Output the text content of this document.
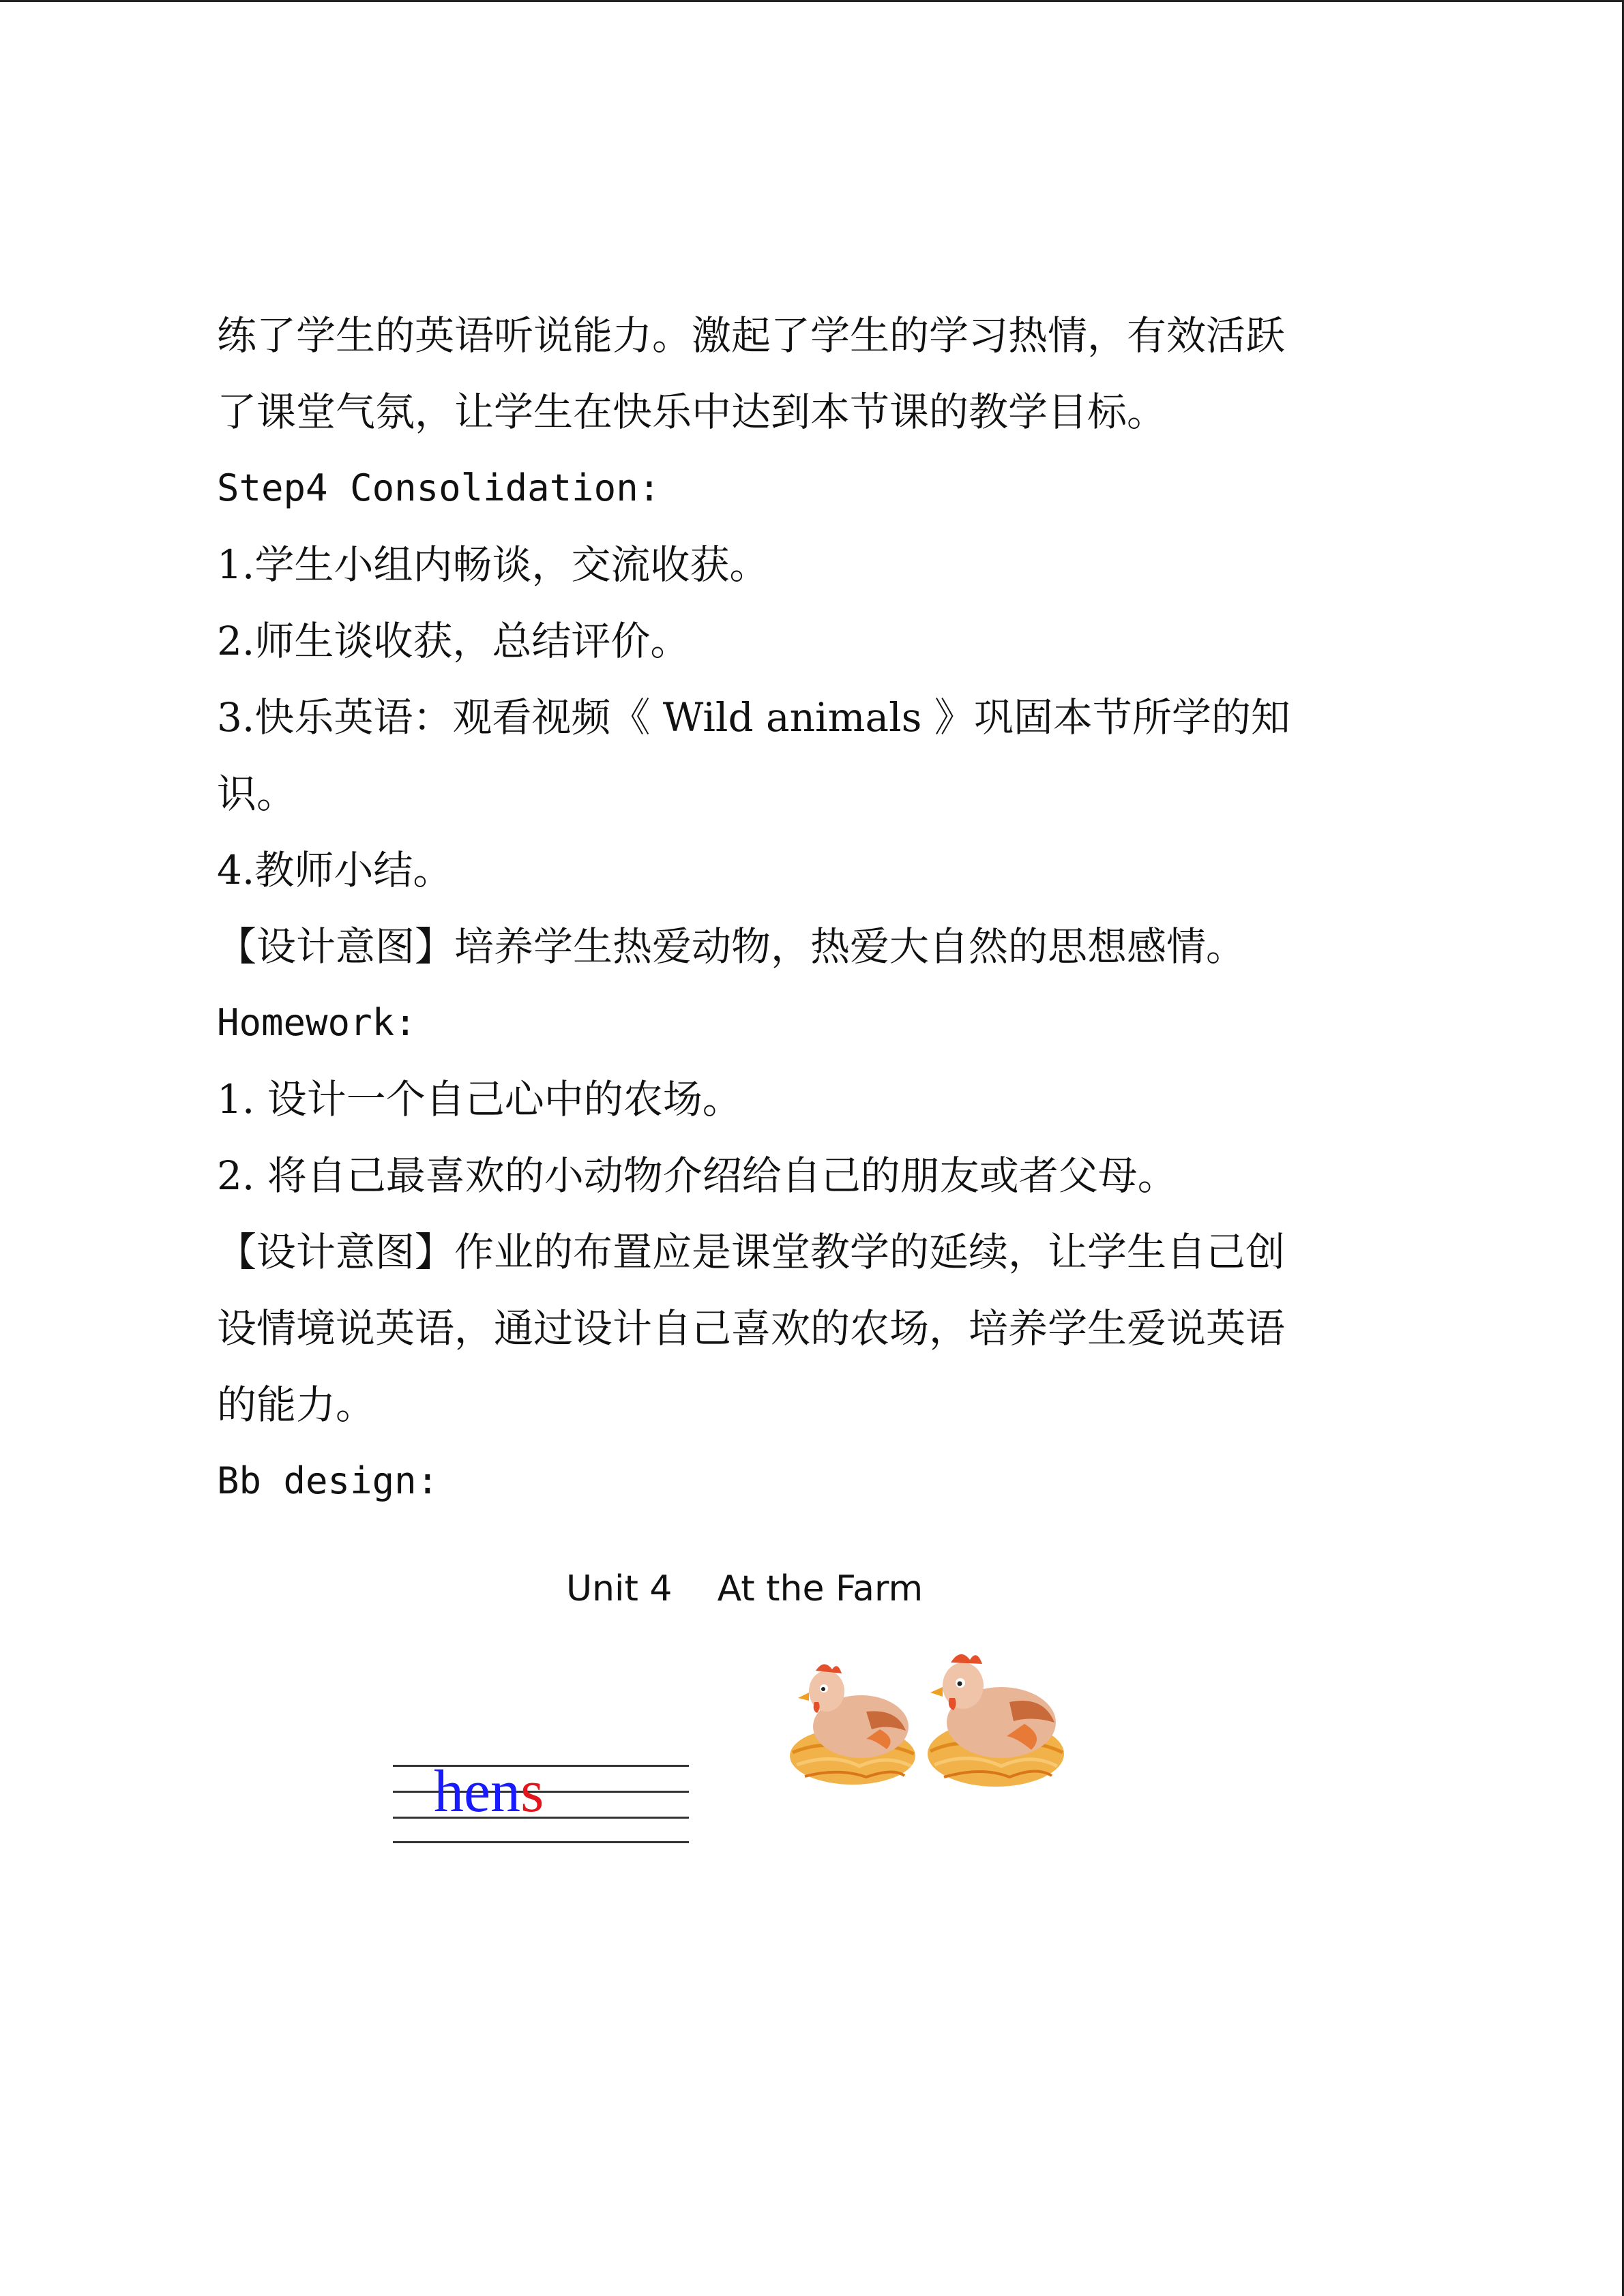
练了学生的英语听说能力。激起了学生的学习热情，有效活跃
了课堂气氛，让学生在快乐中达到本节课的教学目标。
Step4 Consolidation:
1.学生小组内畅谈，交流收获。
2.师生谈收获，总结评价。
3.快乐英语：观看视频《 Wild animals 》巩固本节所学的知
识。
4.教师小结。
【设计意图】培养学生热爱动物，热爱大自然的思想感情。
Homework:
1. 设计一个自己心中的农场。
2. 将自己最喜欢的小动物介绍给自己的朋友或者父母。
【设计意图】作业的布置应是课堂教学的延续，让学生自己创
设情境说英语，通过设计自己喜欢的农场，培养学生爱说英语
的能力。
Bb design:
Unit 4    At the Farm
hens
